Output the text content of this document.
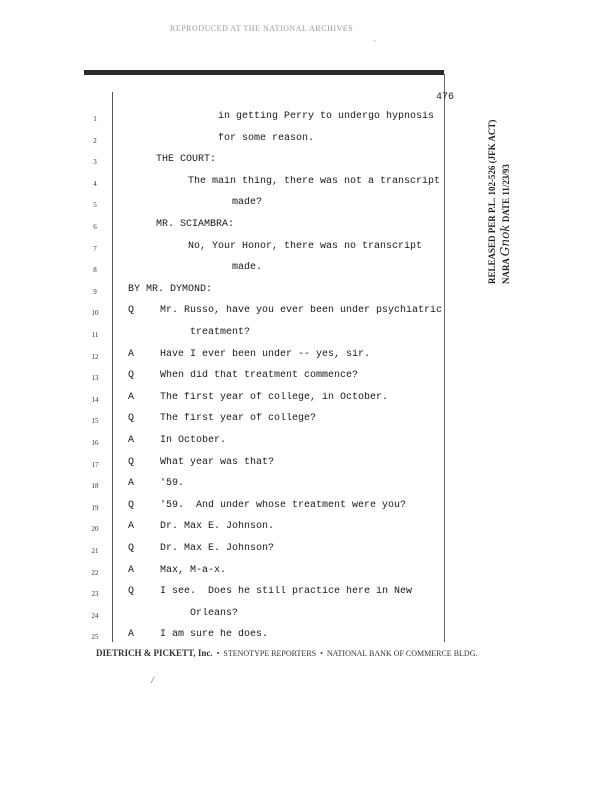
REPRODUCED AT THE NATIONAL ARCHIVES
476
1	in getting Perry to undergo hypnosis
2	for some reason.
3	THE COURT:
4	The main thing, there was not a transcript
5	made?
6	MR. SCIAMBRA:
7	No, Your Honor, there was no transcript
8	made.
9	BY MR. DYMOND:
10	Q	Mr. Russo, have you ever been under psychiatric
11	treatment?
12	A	Have I ever been under -- yes, sir.
13	Q	When did that treatment commence?
14	A	The first year of college, in October.
15	Q	The first year of college?
16	A	In October.
17	Q	What year was that?
18	A	'59.
19	Q	'59.  And under whose treatment were you?
20	A	Dr. Max E. Johnson.
21	Q	Dr. Max E. Johnson?
22	A	Max, M-a-x.
23	Q	I see.  Does he still practice here in New
24	Orleans?
25	A	I am sure he does.
RELEASED PER P.L. 102-526 (JFK ACT) NARA Gnok DATE 11/23/93
DIETRICH & PICKETT, Inc.  •  STENOTYPE REPORTERS  •  NATIONAL BANK OF COMMERCE BLDG.
˙
/
